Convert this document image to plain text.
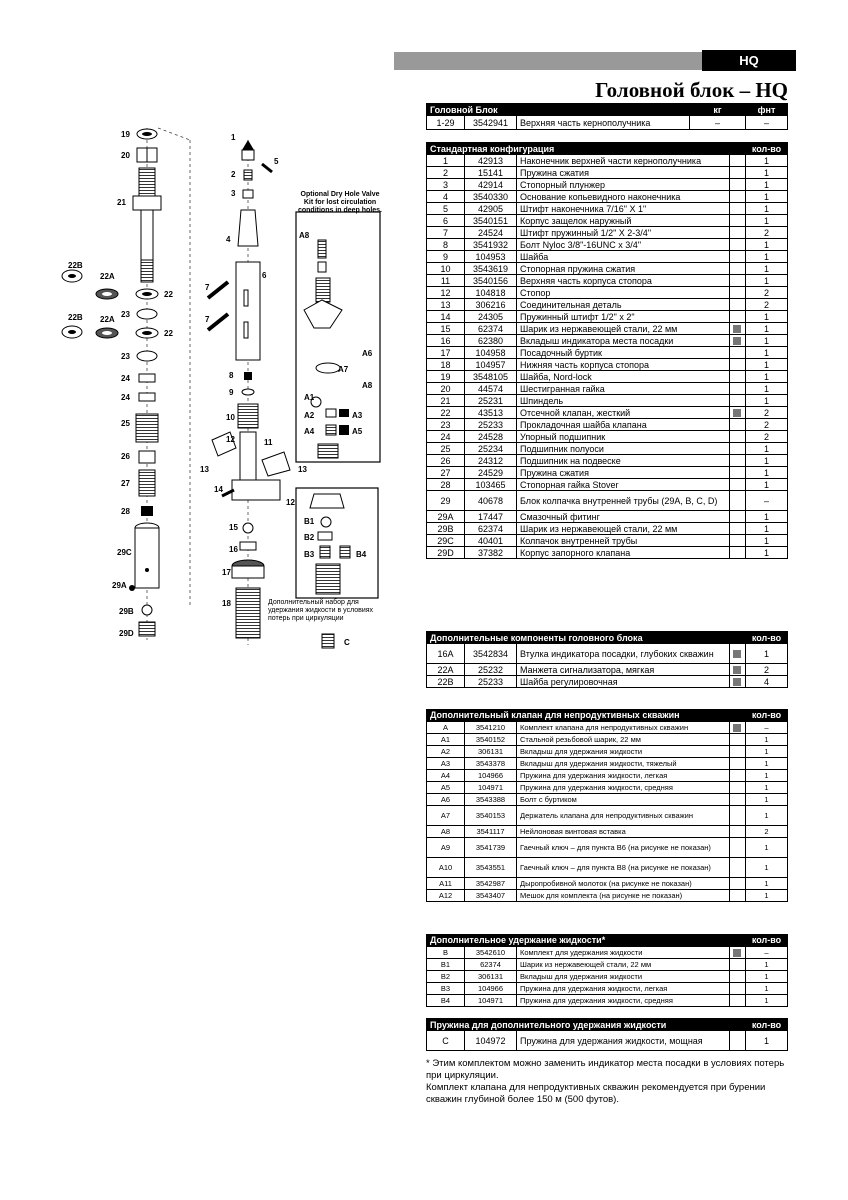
HQ
Головной блок – HQ
Головной Блок			кг	фнт
1-29	3542941	Верхняя часть кернополучника	–	–
Стандартная конфигурация				кол-во
1	42913	Наконечник верхней части кернополучника		1
2	15141	Пружина сжатия		1
3	42914	Стопорный плунжер		1
4	3540330	Основание копьевидного наконечника		1
5	42905	Штифт наконечника 7/16" X 1"		1
6	3540151	Корпус защелок наружный		1
7	24524	Штифт пружинный 1/2" X 2-3/4"		2
8	3541932	Болт Nyloc 3/8"-16UNC x 3/4"		1
9	104953	Шайба		1
10	3543619	Стопорная пружина сжатия		1
11	3540156	Верхняя часть корпуса стопора		1
12	104818	Стопор		2
13	306216	Соединительная деталь		2
14	24305	Пружинный штифт 1/2" x 2"		1
15	62374	Шарик из нержавеющей стали, 22 мм		1
16	62380	Вкладыш индикатора места посадки		1
17	104958	Посадочный буртик		1
18	104957	Нижняя часть корпуса стопора		1
19	3548105	Шайба, Nord-lock		1
20	44574	Шестигранная гайка		1
21	25231	Шпиндель		1
22	43513	Отсечной клапан, жесткий		2
23	25233	Прокладочная шайба клапана		2
24	24528	Упорный подшипник		2
25	25234	Подшипник полуоси		1
26	24312	Подшипник на подвеске		1
27	24529	Пружина сжатия		1
28	103465	Стопорная гайка Stover		1
29	40678	Блок колпачка внутренней трубы (29A, B, C, D)		–
29A	17447	Смазочный фитинг		1
29B	62374	Шарик из нержавеющей стали, 22 мм		1
29C	40401	Колпачок внутренней трубы		1
29D	37382	Корпус запорного клапана		1
Дополнительные компоненты головного блока				кол-во
16A	3542834	Втулка индикатора посадки, глубоких скважин		1
22A	25232	Манжета сигнализатора, мягкая		2
22B	25233	Шайба регулировочная		4
Дополнительный клапан для непродуктивных скважин				кол-во
A	3541210	Комплект клапана для непродуктивных скважин		–
A1	3540152	Стальной резьбовой шарик, 22 мм		1
A2	306131	Вкладыш для удержания жидкости		1
A3	3543378	Вкладыш для удержания жидкости, тяжелый		1
A4	104966	Пружина для удержания жидкости, легкая		1
A5	104971	Пружина для удержания жидкости, средняя		1
A6	3543388	Болт с буртиком		1
A7	3540153	Держатель клапана для непродуктивных скважин		1
A8	3541117	Нейлоновая винтовая вставка		2
A9	3541739	Гаечный ключ – для пункта B6 (на рисунке не показан)		1
A10	3543551	Гаечный ключ – для пункта B8 (на рисунке не показан)		1
A11	3542987	Дыропробивной молоток (на рисунке не показан)		1
A12	3543407	Мешок для комплекта (на рисунке не показан)		1
Дополнительное удержание жидкости*				кол-во
B	3542610	Комплект для удержания жидкости		–
B1	62374	Шарик из нержавеющей стали, 22 мм		1
B2	306131	Вкладыш для удержания жидкости		1
B3	104966	Пружина для удержания жидкости, легкая		1
B4	104971	Пружина для удержания жидкости, средняя		1
Пружина для дополнительного удержания жидкости				кол-во
C	104972	Пружина для удержания жидкости, мощная		1
* Этим комплектом можно заменить индикатор места посадки в условиях потерь при циркуляции.
Комплект клапана для непродуктивных скважин рекомендуется при бурении скважин глубиной более 150 м (500 футов).
Optional Dry Hole Valve
Kit for lost circulation
conditions in deep holes.
Дополнительный набор для
удержания жидкости в условиях
потерь при циркуляции
19
20
21
22B
22A
22
23
22B 22A
22
23
24
24
25
26
27
28
29C
29A
29B
29D
1
5
2
3
4
7
7
6
8
9
10
12	11
13	13
14
12
15
16
17
18
A8
A6
A7
A8
A1
A2	A3
A4	A5
B1
B2
B3	B4
C
